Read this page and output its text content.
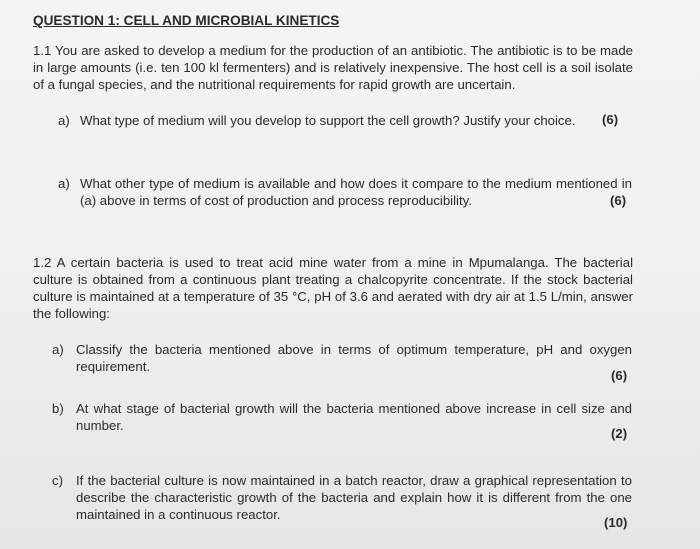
QUESTION 1: CELL AND MICROBIAL KINETICS
1.1 You are asked to develop a medium for the production of an antibiotic. The antibiotic is to be made in large amounts (i.e. ten 100 kl fermenters) and is relatively inexpensive. The host cell is a soil isolate of a fungal species, and the nutritional requirements for rapid growth are uncertain.
a) What type of medium will you develop to support the cell growth? Justify your choice. (6)
a) What other type of medium is available and how does it compare to the medium mentioned in (a) above in terms of cost of production and process reproducibility.	(6)
1.2 A certain bacteria is used to treat acid mine water from a mine in Mpumalanga. The bacterial culture is obtained from a continuous plant treating a chalcopyrite concentrate. If the stock bacterial culture is maintained at a temperature of 35 °C, pH of 3.6 and aerated with dry air at 1.5 L/min, answer the following:
a) Classify the bacteria mentioned above in terms of optimum temperature, pH and oxygen requirement.
(6)
b) At what stage of bacterial growth will the bacteria mentioned above increase in cell size and number.
(2)
c) If the bacterial culture is now maintained in a batch reactor, draw a graphical representation to describe the characteristic growth of the bacteria and explain how it is different from the one maintained in a continuous reactor.
(10)
